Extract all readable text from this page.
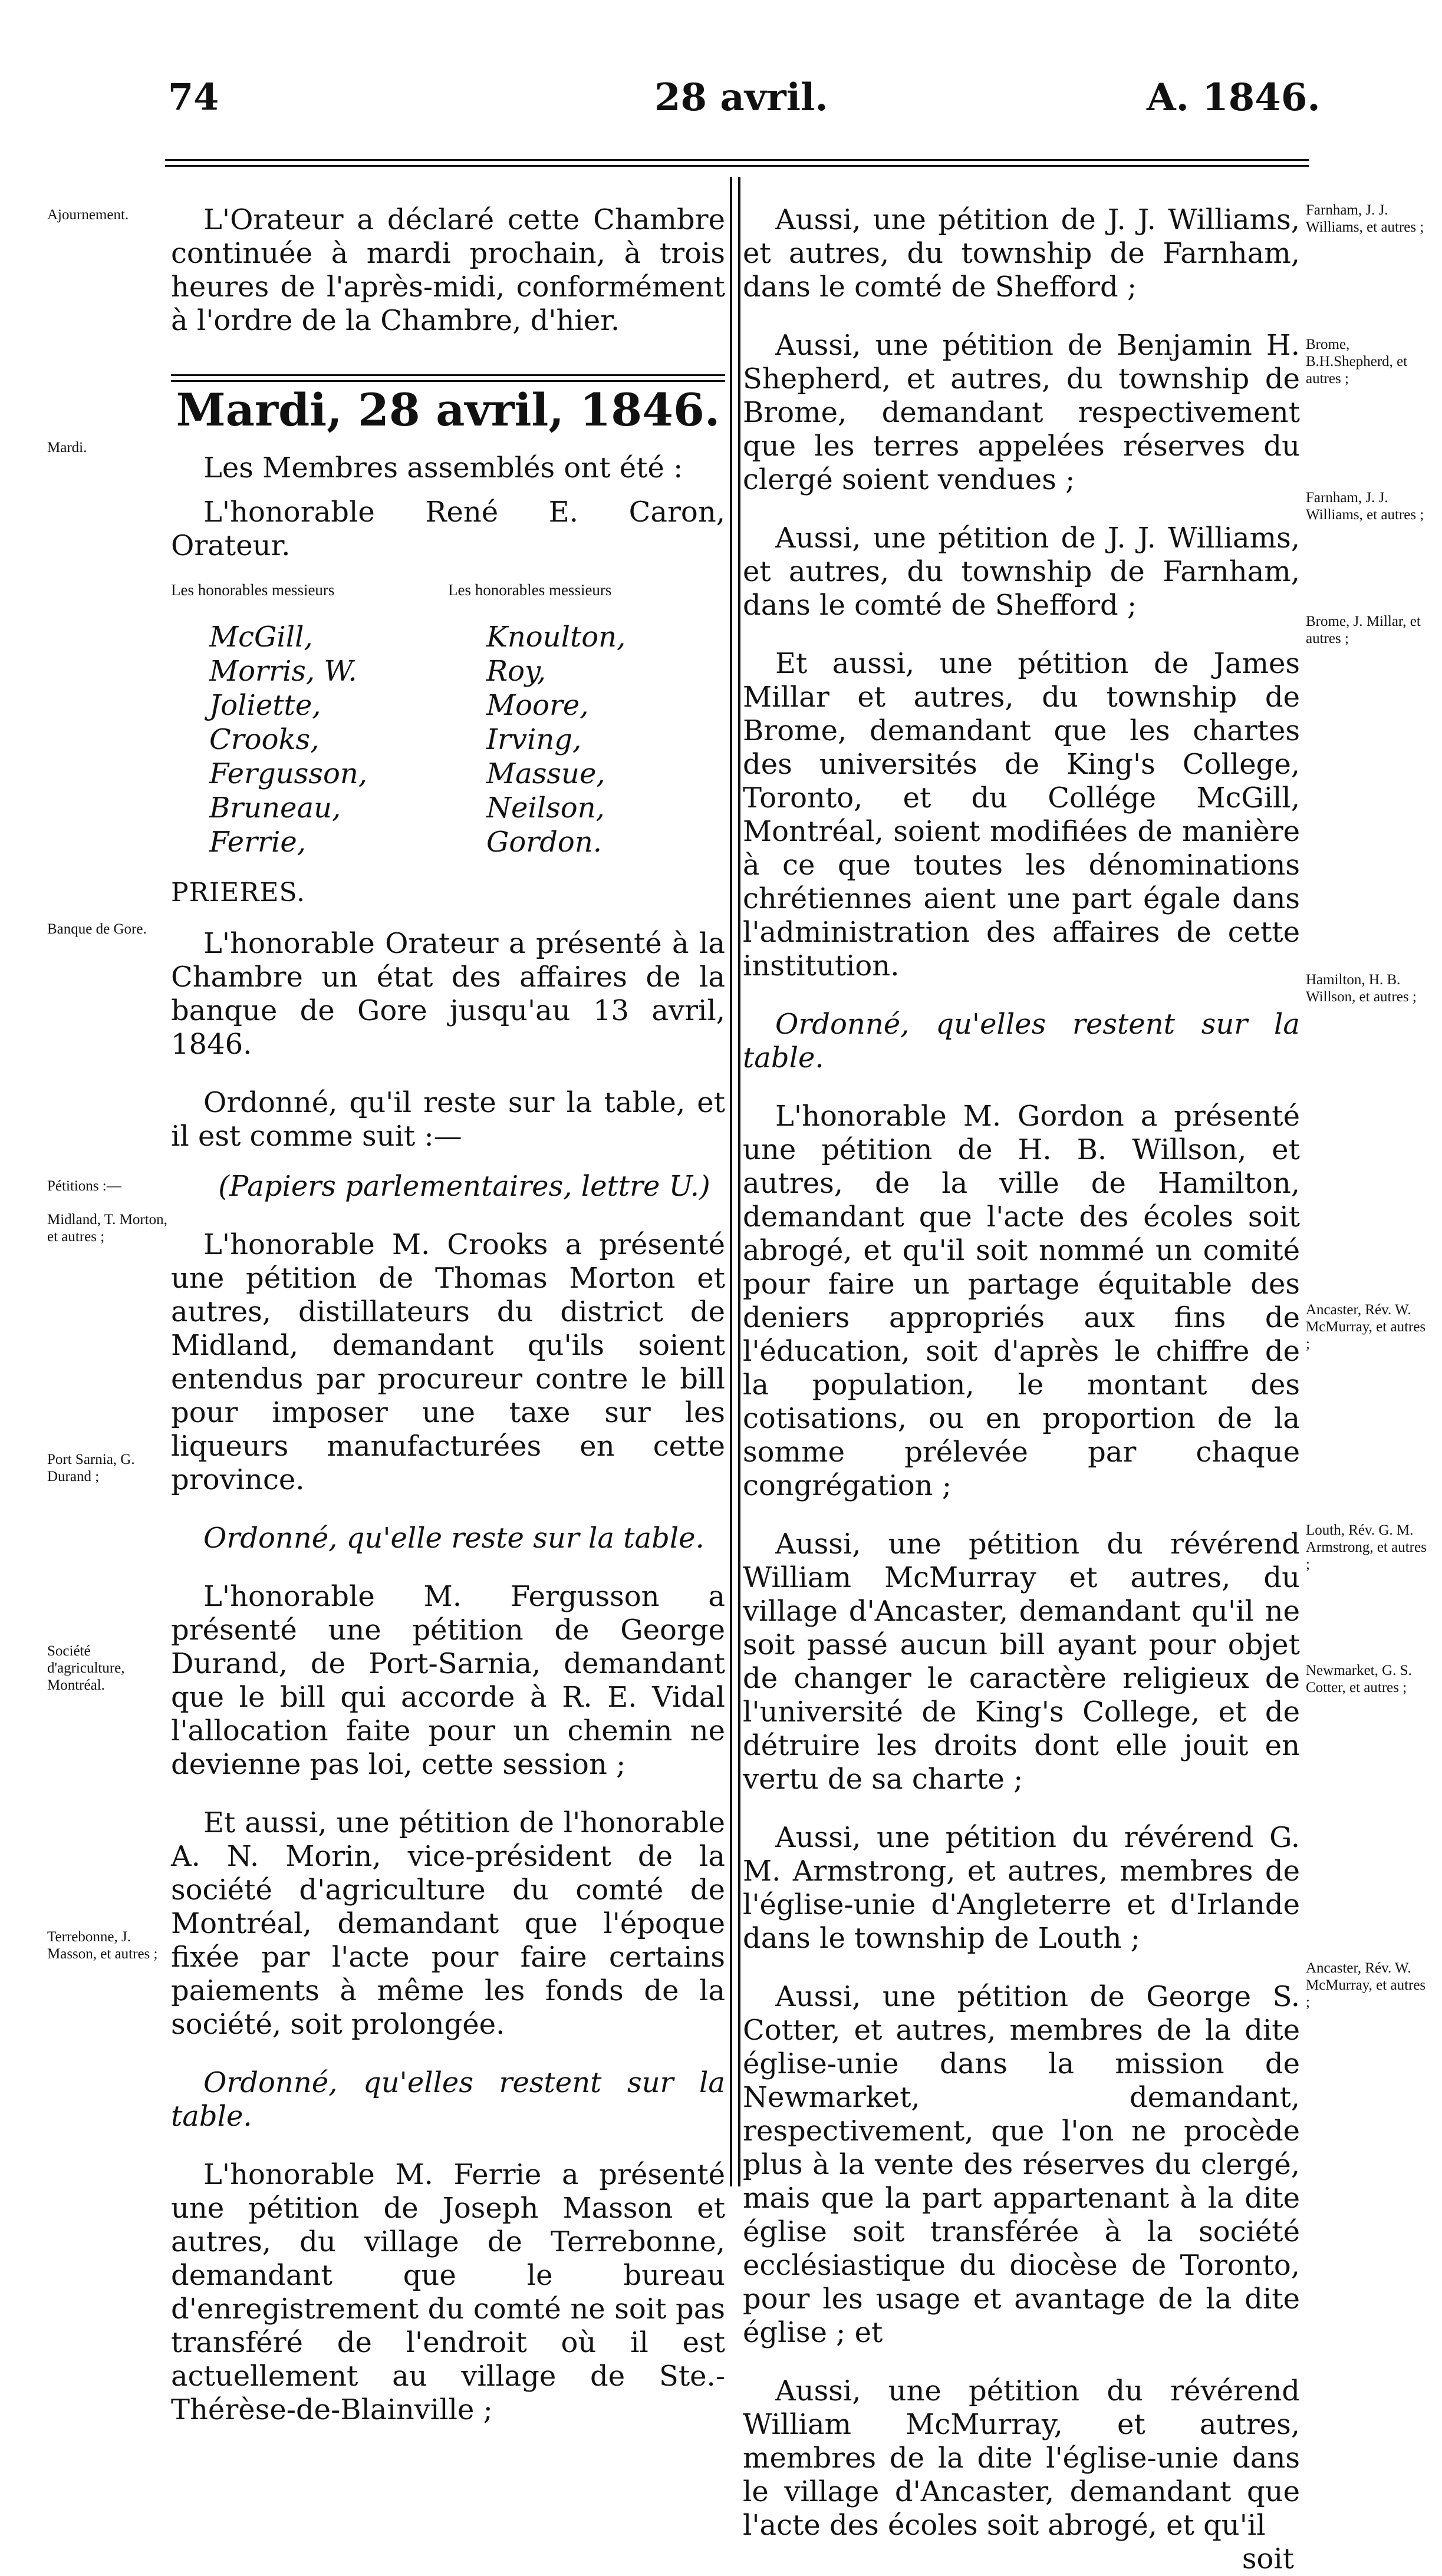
74	28 avril.	A. 1846.
Ajournement.
Mardi.
Banque de Gore.
Pétitions :—
Midland, T. Morton, et autres ;
Port Sarnia, G. Durand ;
Société d'agriculture, Montréal.
Terrebonne, J. Masson, et autres ;

L'Orateur a déclaré cette Chambre continuée à mardi prochain, à trois heures de l'après-midi, conformément à l'ordre de la Chambre, d'hier.

Mardi, 28 avril, 1846.

Les Membres assemblés ont été :

L'honorable René E. Caron, Orateur.

Les honorables messieurs
McGill,
Morris, W.
Joliette,
Crooks,
Fergusson,
Bruneau,
Ferrie,
Les honorables messieurs
Knoulton,
Roy,
Moore,
Irving,
Massue,
Neilson,
Gordon.

PRIERES.

L'honorable Orateur a présenté à la Chambre un état des affaires de la banque de Gore jusqu'au 13 avril, 1846.

Ordonné, qu'il reste sur la table, et il est comme suit :—

(Papiers parlementaires, lettre U.)

L'honorable M. Crooks a présenté une pétition de Thomas Morton et autres, distillateurs du district de Midland, demandant qu'ils soient entendus par procureur contre le bill pour imposer une taxe sur les liqueurs manufacturées en cette province.

Ordonné, qu'elle reste sur la table.

L'honorable M. Fergusson a présenté une pétition de George Durand, de Port-Sarnia, demandant que le bill qui accorde à R. E. Vidal l'allocation faite pour un chemin ne devienne pas loi, cette session ;

Et aussi, une pétition de l'honorable A. N. Morin, vice-président de la société d'agriculture du comté de Montréal, demandant que l'époque fixée par l'acte pour faire certains paiements à même les fonds de la société, soit prolongée.

Ordonné, qu'elles restent sur la table.

L'honorable M. Ferrie a présenté une pétition de Joseph Masson et autres, du village de Terrebonne, demandant que le bureau d'enregistrement du comté ne soit pas transféré de l'endroit où il est actuellement au village de Ste.-Thérèse-de-Blainville ;

Aussi, une pétition de J. J. Williams, et autres, du township de Farnham, dans le comté de Shefford ;

Aussi, une pétition de Benjamin H. Shepherd, et autres, du township de Brome, demandant respectivement que les terres appelées réserves du clergé soient vendues ;

Aussi, une pétition de J. J. Williams, et autres, du township de Farnham, dans le comté de Shefford ;

Et aussi, une pétition de James Millar et autres, du township de Brome, demandant que les chartes des universités de King's College, Toronto, et du Collége McGill, Montréal, soient modifiées de manière à ce que toutes les dénominations chrétiennes aient une part égale dans l'administration des affaires de cette institution.

Ordonné, qu'elles restent sur la table.

L'honorable M. Gordon a présenté une pétition de H. B. Willson, et autres, de la ville de Hamilton, demandant que l'acte des écoles soit abrogé, et qu'il soit nommé un comité pour faire un partage équitable des deniers appropriés aux fins de l'éducation, soit d'après le chiffre de la population, le montant des cotisations, ou en proportion de la somme prélevée par chaque congrégation ;

Aussi, une pétition du révérend William McMurray et autres, du village d'Ancaster, demandant qu'il ne soit passé aucun bill ayant pour objet de changer le caractère religieux de l'université de King's College, et de détruire les droits dont elle jouit en vertu de sa charte ;

Aussi, une pétition du révérend G. M. Armstrong, et autres, membres de l'église-unie d'Angleterre et d'Irlande dans le township de Louth ;

Aussi, une pétition de George S. Cotter, et autres, membres de la dite église-unie dans la mission de Newmarket, demandant, respectivement, que l'on ne procède plus à la vente des réserves du clergé, mais que la part appartenant à la dite église soit transférée à la société ecclésiastique du diocèse de Toronto, pour les usage et avantage de la dite église ; et

Aussi, une pétition du révérend William McMurray, et autres, membres de la dite l'église-unie dans le village d'Ancaster, demandant que l'acte des écoles soit abrogé, et qu'il

soit
Farnham, J. J. Williams, et autres ;
Brome, B.H.Shepherd, et autres ;
Farnham, J. J. Williams, et autres ;
Brome, J. Millar, et autres ;
Hamilton, H. B. Willson, et autres ;
Ancaster, Rév. W. McMurray, et autres ;
Louth, Rév. G. M. Armstrong, et autres ;
Newmarket, G. S. Cotter, et autres ;
Ancaster, Rév. W. McMurray, et autres ;
